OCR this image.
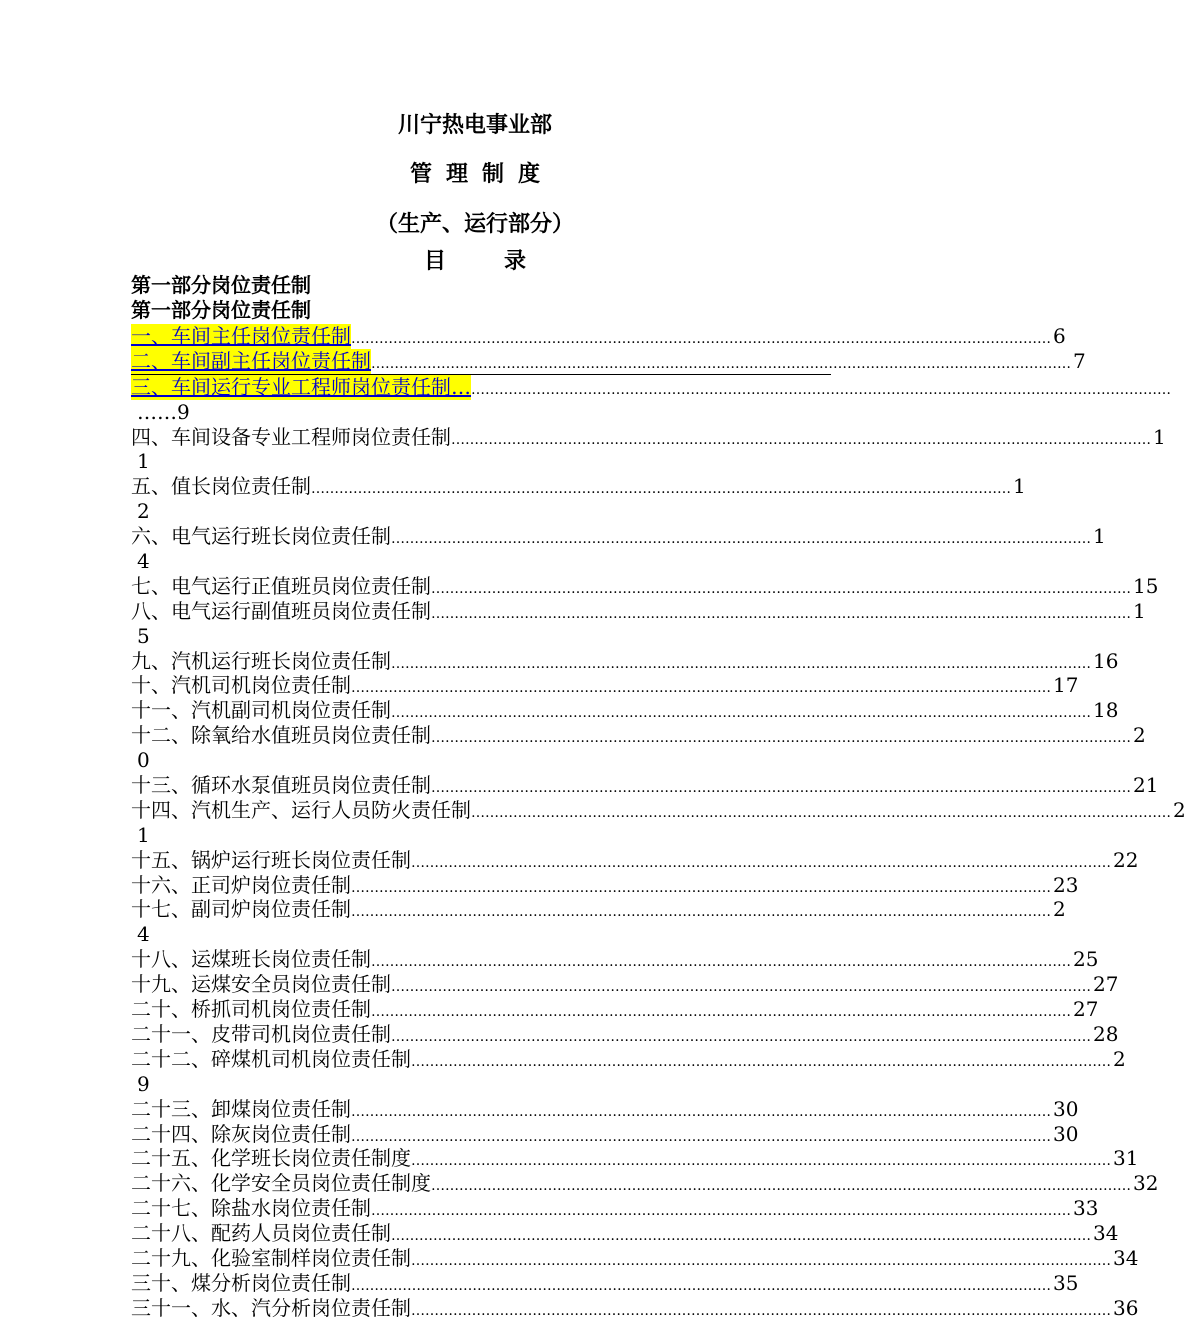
川宁热电事业部
管理制度
（生产、运行部分）
目录
第一部分岗位责任制
第一部分岗位责任制
一、车间主任岗位责任制 …………………………………………………………………………………………………………………………………… 6
二、车间副主任岗位责任制 …………………………………………………………………………………………………………………………………… 7
三、车间运行专业工程师岗位责任制… ……………………………………………………………………………………………………………………………………
……9
四、车间设备专业工程师岗位责任制 …………………………………………………………………………………………………………………………………… 1
1
五、值长岗位责任制 …………………………………………………………………………………………………………………………………… 1
2
六、电气运行班长岗位责任制 …………………………………………………………………………………………………………………………………… 1
4
七、电气运行正值班员岗位责任制 …………………………………………………………………………………………………………………………………… 15
八、电气运行副值班员岗位责任制 …………………………………………………………………………………………………………………………………… 1
5
九、汽机运行班长岗位责任制 …………………………………………………………………………………………………………………………………… 16
十、汽机司机岗位责任制 …………………………………………………………………………………………………………………………………… 17
十一、汽机副司机岗位责任制 …………………………………………………………………………………………………………………………………… 18
十二、除氧给水值班员岗位责任制 …………………………………………………………………………………………………………………………………… 2
0
十三、循环水泵值班员岗位责任制 …………………………………………………………………………………………………………………………………… 21
十四、汽机生产、运行人员防火责任制 …………………………………………………………………………………………………………………………………… 2
1
十五、锅炉运行班长岗位责任制 …………………………………………………………………………………………………………………………………… 22
十六、正司炉岗位责任制 …………………………………………………………………………………………………………………………………… 23
十七、副司炉岗位责任制 …………………………………………………………………………………………………………………………………… 2
4
十八、运煤班长岗位责任制 …………………………………………………………………………………………………………………………………… 25
十九、运煤安全员岗位责任制 …………………………………………………………………………………………………………………………………… 27
二十、桥抓司机岗位责任制 …………………………………………………………………………………………………………………………………… 27
二十一、皮带司机岗位责任制 …………………………………………………………………………………………………………………………………… 28
二十二、碎煤机司机岗位责任制 …………………………………………………………………………………………………………………………………… 2
9
二十三、卸煤岗位责任制 …………………………………………………………………………………………………………………………………… 30
二十四、除灰岗位责任制 …………………………………………………………………………………………………………………………………… 30
二十五、化学班长岗位责任制度 …………………………………………………………………………………………………………………………………… 31
二十六、化学安全员岗位责任制度 …………………………………………………………………………………………………………………………………… 32
二十七、除盐水岗位责任制 …………………………………………………………………………………………………………………………………… 33
二十八、配药人员岗位责任制 …………………………………………………………………………………………………………………………………… 34
二十九、化验室制样岗位责任制 …………………………………………………………………………………………………………………………………… 34
三十、煤分析岗位责任制 …………………………………………………………………………………………………………………………………… 35
三十一、水、汽分析岗位责任制 …………………………………………………………………………………………………………………………………… 36
